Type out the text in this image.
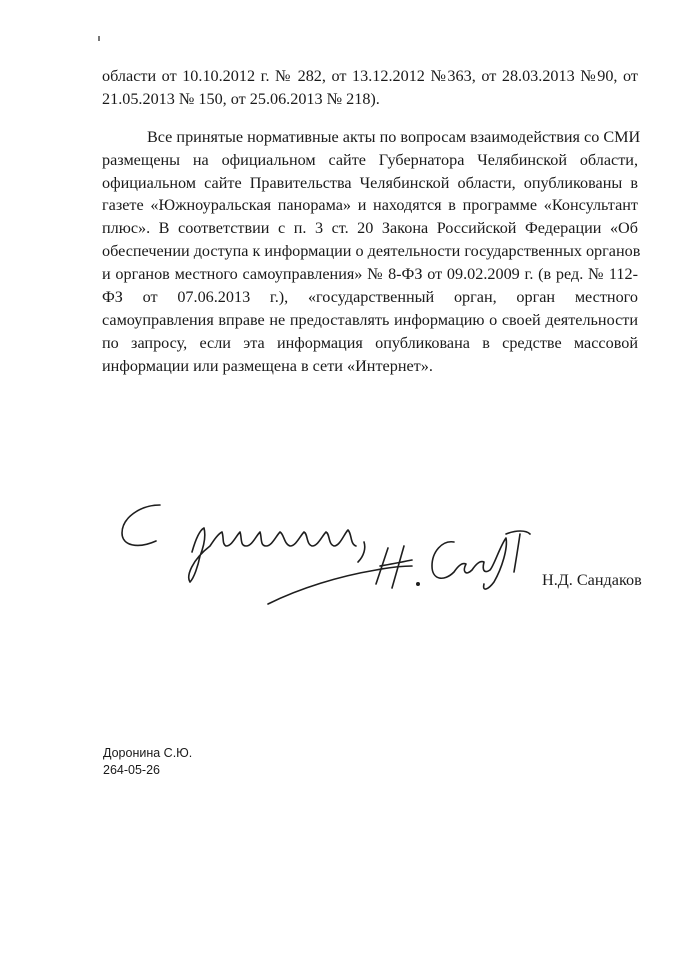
области от 10.10.2012 г. № 282, от 13.12.2012 №363, от 28.03.2013 №90, от
21.05.2013 № 150, от 25.06.2013 № 218).
Все принятые нормативные акты по вопросам взаимодействия со СМИ
размещены на официальном сайте Губернатора Челябинской области,
официальном сайте Правительства Челябинской области, опубликованы в
газете «Южноуральская панорама» и находятся в программе «Консультант
плюс». В соответствии с п. 3 ст. 20 Закона Российской Федерации «Об
обеспечении доступа к информации о деятельности государственных органов
и органов местного самоуправления» № 8-ФЗ от 09.02.2009 г. (в ред. № 112-
ФЗ от 07.06.2013 г.), «государственный орган, орган местного
самоуправления вправе не предоставлять информацию о своей деятельности
по запросу, если эта информация опубликована в средстве массовой
информации или размещена в сети «Интернет».
Н.Д. Сандаков
Доронина С.Ю.
264-05-26
